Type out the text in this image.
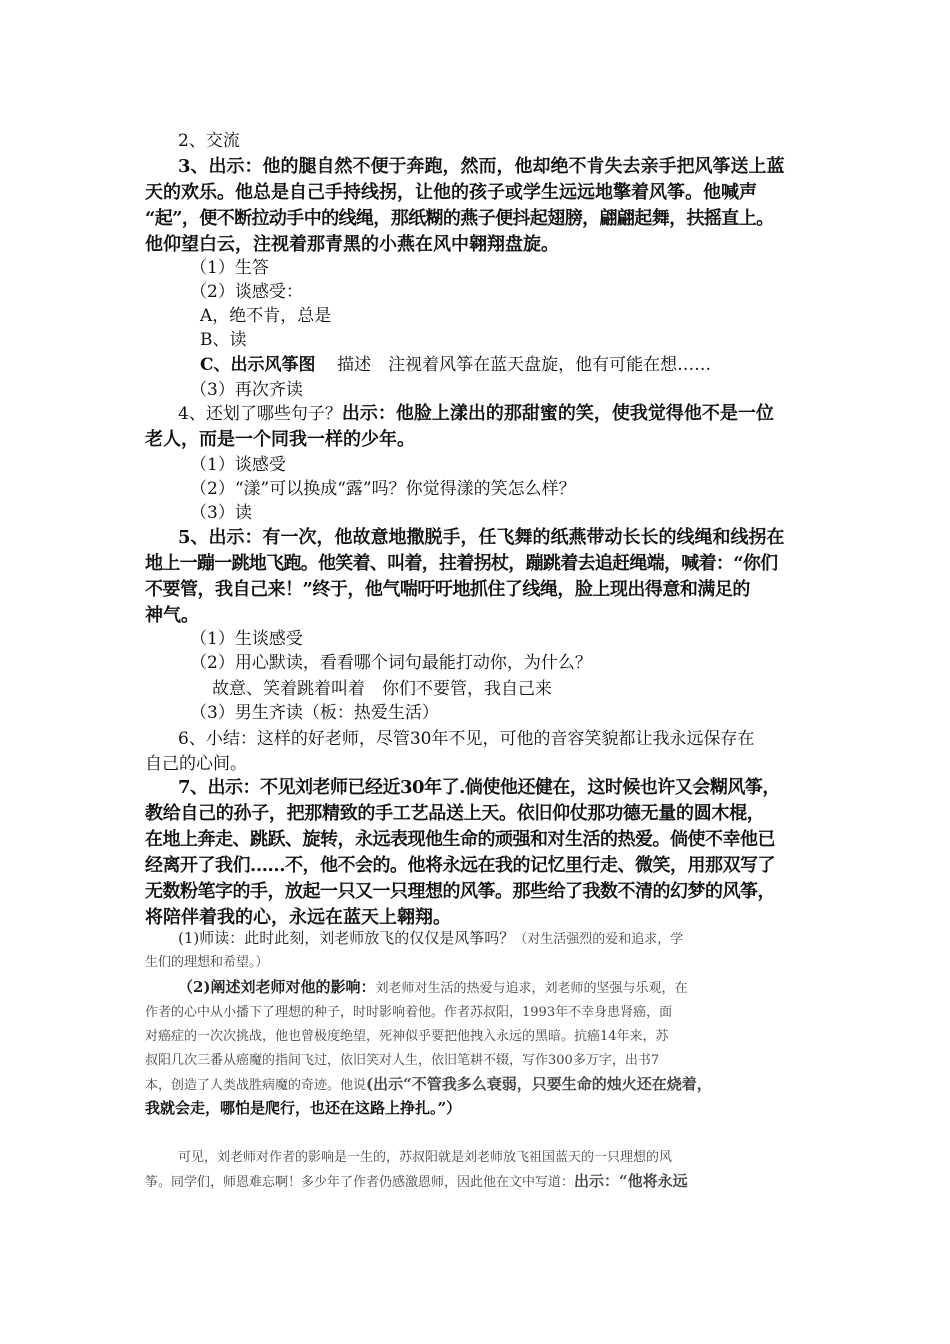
2、交流
3、出示：他的腿自然不便于奔跑，然而，他却绝不肯失去亲手把风筝送上蓝
天的欢乐。他总是自己手持线拐，让他的孩子或学生远远地擎着风筝。他喊声
“起”，便不断拉动手中的线绳，那纸糊的燕子便抖起翅膀，翩翩起舞，扶摇直上。
他仰望白云，注视着那青黑的小燕在风中翱翔盘旋。
（1）生答
（2）谈感受：
A，绝不肯，总是
B、读
C、出示风筝图 描述　注视着风筝在蓝天盘旋，他有可能在想……
（3）再次齐读
4、还划了哪些句子？出示：他脸上漾出的那甜蜜的笑，使我觉得他不是一位
老人，而是一个同我一样的少年。
（1）谈感受
（2）“漾”可以换成“露”吗？你觉得漾的笑怎么样？
（3）读
5、出示：有一次，他故意地撒脱手，任飞舞的纸燕带动长长的线绳和线拐在
地上一蹦一跳地飞跑。他笑着、叫着，拄着拐杖，蹦跳着去追赶绳端，喊着：“你们
不要管，我自己来！”终于，他气喘吁吁地抓住了线绳，脸上现出得意和满足的
神气。
（1）生谈感受
（2）用心默读，看看哪个词句最能打动你，为什么？
故意、笑着跳着叫着　你们不要管，我自己来
（3）男生齐读（板：热爱生活）
6、小结：这样的好老师，尽管30年不见，可他的音容笑貌都让我永远保存在
自己的心间。
7、出示：不见刘老师已经近30年了.倘使他还健在，这时候也许又会糊风筝，
教给自己的孙子，把那精致的手工艺品送上天。依旧仰仗那功德无量的圆木棍，
在地上奔走、跳跃、旋转，永远表现他生命的顽强和对生活的热爱。倘使不幸他已
经离开了我们……不，他不会的。他将永远在我的记忆里行走、微笑，用那双写了
无数粉笔字的手，放起一只又一只理想的风筝。那些给了我数不清的幻梦的风筝，
将陪伴着我的心，永远在蓝天上翱翔。
(1)师读：此时此刻，刘老师放飞的仅仅是风筝吗？（对生活强烈的爱和追求，学
生们的理想和希望。）
（2)阐述刘老师对他的影响：刘老师对生活的热爱与追求，刘老师的坚强与乐观，在
作者的心中从小播下了理想的种子，时时影响着他。作者苏叔阳，1993年不幸身患肾癌，面
对癌症的一次次挑战，他也曾极度绝望，死神似乎要把他拽入永远的黑暗。抗癌14年来，苏
叔阳几次三番从癌魔的指间飞过，依旧笑对人生，依旧笔耕不辍，写作300多万字，出书7
本，创造了人类战胜病魔的奇迹。他说(出示“不管我多么衰弱，只要生命的烛火还在烧着，
我就会走，哪怕是爬行，也还在这路上挣扎。”）
可见，刘老师对作者的影响是一生的，苏叔阳就是刘老师放飞祖国蓝天的一只理想的风
筝。同学们，师恩难忘啊！多少年了作者仍感激恩师，因此他在文中写道：出示：“他将永远
